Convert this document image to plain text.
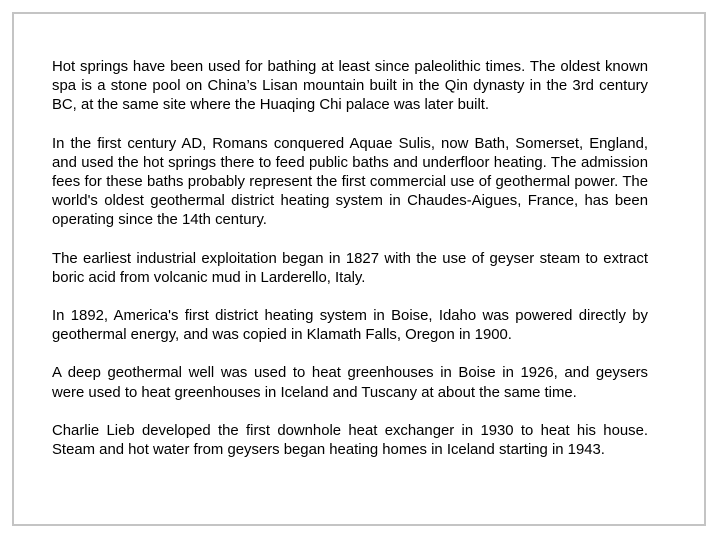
Hot springs have been used for bathing at least since paleolithic times. The oldest known spa is a stone pool on China’s Lisan mountain built in the Qin dynasty in the 3rd century BC, at the same site where the Huaqing Chi palace was later built.

In the first century AD, Romans conquered Aquae Sulis, now Bath, Somerset, England, and used the hot springs there to feed public baths and underfloor heating. The admission fees for these baths probably represent the first commercial use of geothermal power. The world's oldest geothermal district heating system in Chaudes-Aigues, France, has been operating since the 14th century.

The earliest industrial exploitation began in 1827 with the use of geyser steam to extract boric acid from volcanic mud in Larderello, Italy.

In 1892, America's first district heating system in Boise, Idaho was powered directly by geothermal energy, and was copied in Klamath Falls, Oregon in 1900.

A deep geothermal well was used to heat greenhouses in Boise in 1926, and geysers were used to heat greenhouses in Iceland and Tuscany at about the same time.

Charlie Lieb developed the first downhole heat exchanger in 1930 to heat his house. Steam and hot water from geysers began heating homes in Iceland starting in 1943.
